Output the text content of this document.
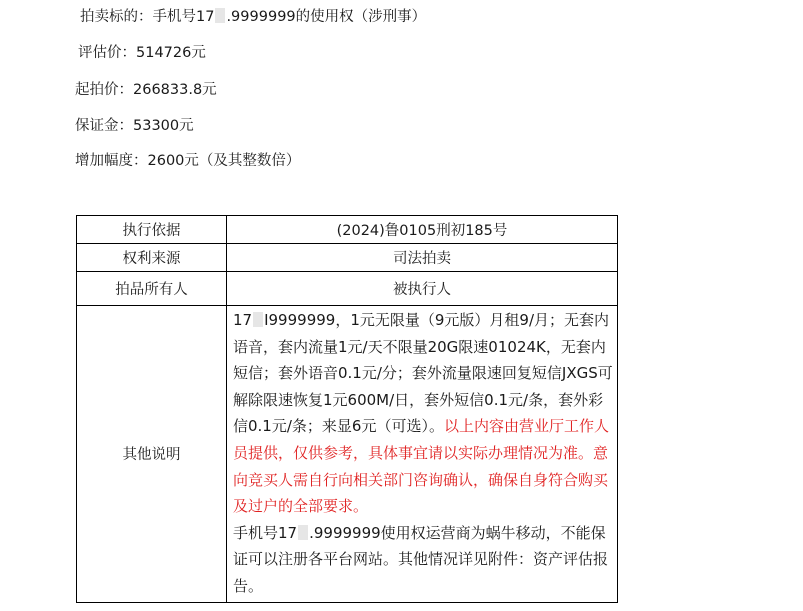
拍卖标的：手机号17 .9999999的使用权（涉刑事）
评估价：514726元
起拍价：266833.8元
保证金：53300元
增加幅度：2600元（及其整数倍）
执行依据	(2024)鲁0105刑初185号
权利来源	司法拍卖
拍品所有人	被执行人
其他说明	17 I9999999，1元无限量（9元版）月租9/月；无套内语音，套内流量1元/天不限量20G限速01024K，无套内短信；套外语音0.1元/分；套外流量限速回复短信JXGS可解除限速恢复1元600M/日，套外短信0.1元/条，套外彩信0.1元/条；来显6元（可选）。以上内容由营业厅工作人员提供，仅供参考，具体事宜请以实际办理情况为准。意向竞买人需自行向相关部门咨询确认，确保自身符合购买及过户的全部要求。
手机号17 .9999999使用权运营商为蜗牛移动，不能保证可以注册各平台网站。其他情况详见附件：资产评估报告。
